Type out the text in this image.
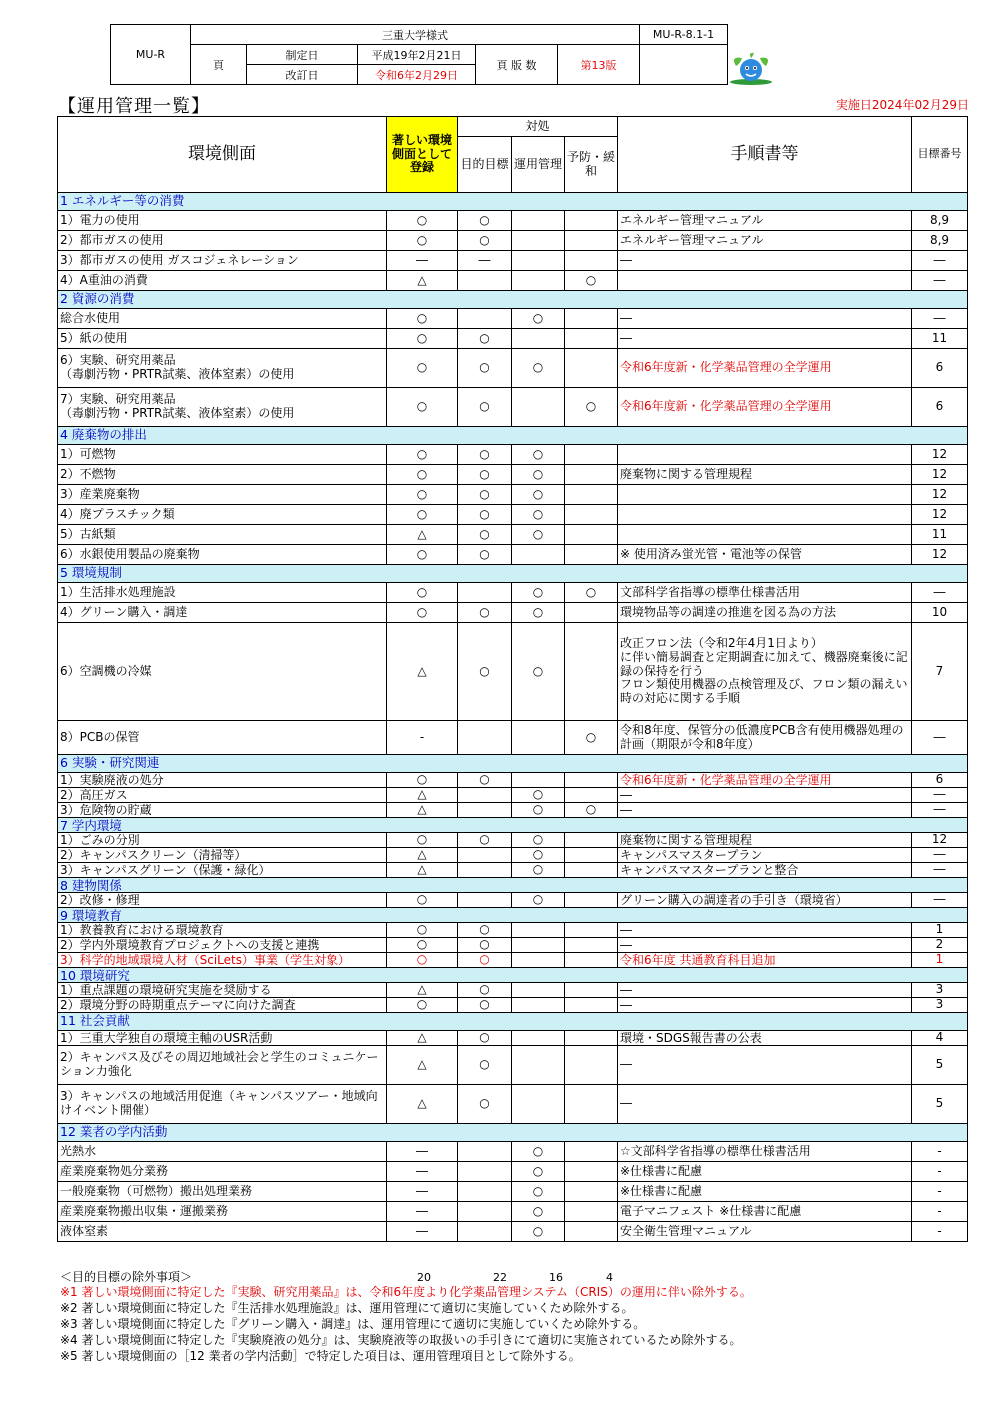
MU-R	三重大学様式					MU-R-8.1-1
	頁	制定日	平成19年2月21日	頁 版 数	第13版	
		改訂日	令和6年2月29日			
【運用管理一覧】	実施日2024年02月29日
環境側面	著しい環境側面として登録	対処			手順書等	目標番号
		目的目標	運用管理	予防・緩和		
1 エネルギー等の消費						
1）電力の使用	○	○			エネルギー管理マニュアル	8,9
2）都市ガスの使用	○	○			エネルギー管理マニュアル	8,9
3）都市ガスの使用 ガスコジェネレーション	―	―			―	―
4）A重油の消費	△			○		―
2 資源の消費						
総合水使用	○		○		―	―
5）紙の使用	○	○			―	11
6）実験、研究用薬品
（毒劇汚物・PRTR試薬、液体窒素）の使用	○	○	○		令和6年度新・化学薬品管理の全学運用	6
7）実験、研究用薬品
（毒劇汚物・PRTR試薬、液体窒素）の使用	○	○		○	令和6年度新・化学薬品管理の全学運用	6
4 廃棄物の排出						
1）可燃物	○	○	○			12
2）不燃物	○	○	○		廃棄物に関する管理規程	12
3）産業廃棄物	○	○	○			12
4）廃プラスチック類	○	○	○			12
5）古紙類	△	○	○			11
6）水銀使用製品の廃棄物	○	○			※ 使用済み蛍光管・電池等の保管	12
5 環境規制						
1）生活排水処理施設	○		○	○	文部科学省指導の標準仕様書活用	―
4）グリーン購入・調達	○	○	○		環境物品等の調達の推進を図る為の方法	10
6）空調機の冷媒	△	○	○		改正フロン法（令和2年4月1日より）
に伴い簡易調査と定期調査に加えて、機器廃棄後に記録の保持を行う
フロン類使用機器の点検管理及び、フロン類の漏えい時の対応に関する手順	7
8）PCBの保管	-			○	令和8年度、保管分の低濃度PCB含有使用機器処理の計画（期限が令和8年度）	―
6 実験・研究関連						
1）実験廃液の処分	○	○			令和6年度新・化学薬品管理の全学運用	6
2）高圧ガス	△		○		―	―
3）危険物の貯蔵	△		○	○	―	―
7 学内環境						
1）ごみの分別	○	○	○		廃棄物に関する管理規程	12
2）キャンパスクリーン（清掃等）	△		○		キャンパスマスタープラン	―
3）キャンパスグリーン（保護・緑化）	△		○		キャンパスマスタープランと整合	―
8 建物関係						
2）改修・修理	○		○		グリーン購入の調達者の手引き（環境省）	―
9 環境教育						
1）教養教育における環境教育	○	○			―	1
2）学内外環境教育プロジェクトへの支援と連携	○	○			―	2
3）科学的地域環境人材（SciLets）事業（学生対象）	○	○			令和6年度 共通教育科目追加	1
10 環境研究						
1）重点課題の環境研究実施を奨励する	△	○			―	3
2）環境分野の時期重点テーマに向けた調査	○	○			―	3
11 社会貢献						
1）三重大学独自の環境主軸のUSR活動	△	○			環境・SDGS報告書の公表	4
2）キャンパス及びその周辺地域社会と学生のコミュニケーション力強化	△	○			―	5
3）キャンパスの地域活用促進（キャンパスツアー・地域向けイベント開催）	△	○			―	5
12 業者の学内活動						
光熱水	―		○		☆文部科学省指導の標準仕様書活用	-
産業廃棄物処分業務	―		○		※仕様書に配慮	-
一般廃棄物（可燃物）搬出処理業務	―		○		※仕様書に配慮	-
産業廃棄物搬出収集・運搬業務	―		○		電子マニフェスト ※仕様書に配慮	-
液体窒素	―		○		安全衛生管理マニュアル	-
＜目的目標の除外事項＞	20	22	16	4
※1 著しい環境側面に特定した『実験、研究用薬品』は、令和6年度より化学薬品管理システム（CRIS）の運用に伴い除外する。
※2 著しい環境側面に特定した『生活排水処理施設』は、運用管理にて適切に実施していくため除外する。
※3 著しい環境側面に特定した『グリーン購入・調達』は、運用管理にて適切に実施していくため除外する。
※4 著しい環境側面に特定した『実験廃液の処分』は、実験廃液等の取扱いの手引きにて適切に実施されているため除外する。
※5 著しい環境側面の［12 業者の学内活動］で特定した項目は、運用管理項目として除外する。
